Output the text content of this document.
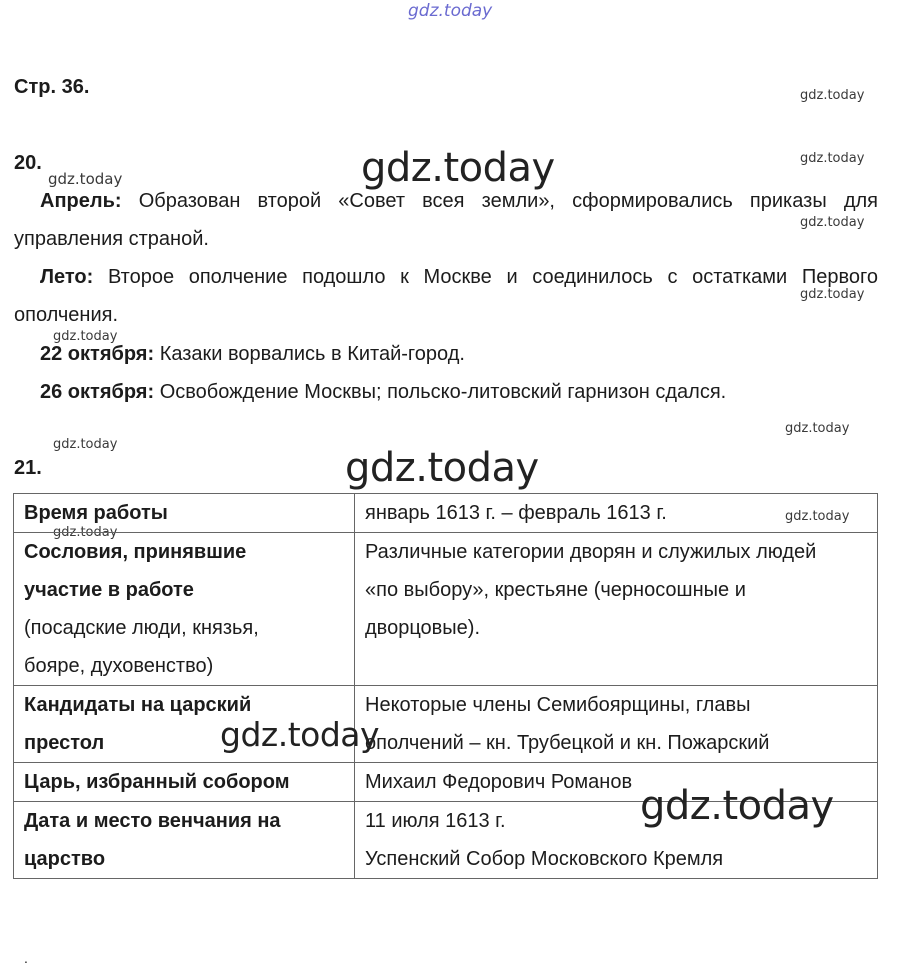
gdz.today
Стр. 36.	gdz.today
gdz.today
gdz.today
gdz.today
gdz.today
gdz.today
gdz.today
gdz.today
gdz.today
gdz.today
20.
Апрель: Образован второй «Совет всея земли», сформировались приказы для
управления страной.
Лето: Второе ополчение подошло к Москве и соединилось с остатками Первого
ополчения.
22 октября: Казаки ворвались в Китай-город.
26 октября: Освобождение Москвы; польско-литовский гарнизон сдался.
gdz.today
gdz.today
21.
Время работы	январь 1613 г. – февраль 1613 г.

Сословия, принявшие
участие в работе
(посадские люди, князья,
бояре, духовенство)	Различные категории дворян и служилых людей
«по выбору», крестьяне (черносошные и
дворцовые).

Кандидаты на царский
престол	Некоторые члены Семибоярщины, главы
ополчений – кн. Трубецкой и кн. Пожарский

Царь, избранный собором	Михаил Федорович Романов

Дата и место венчания на
царство	11 июля 1613 г.
Успенский Собор Московского Кремля
gdz.today
gdz.today
.
